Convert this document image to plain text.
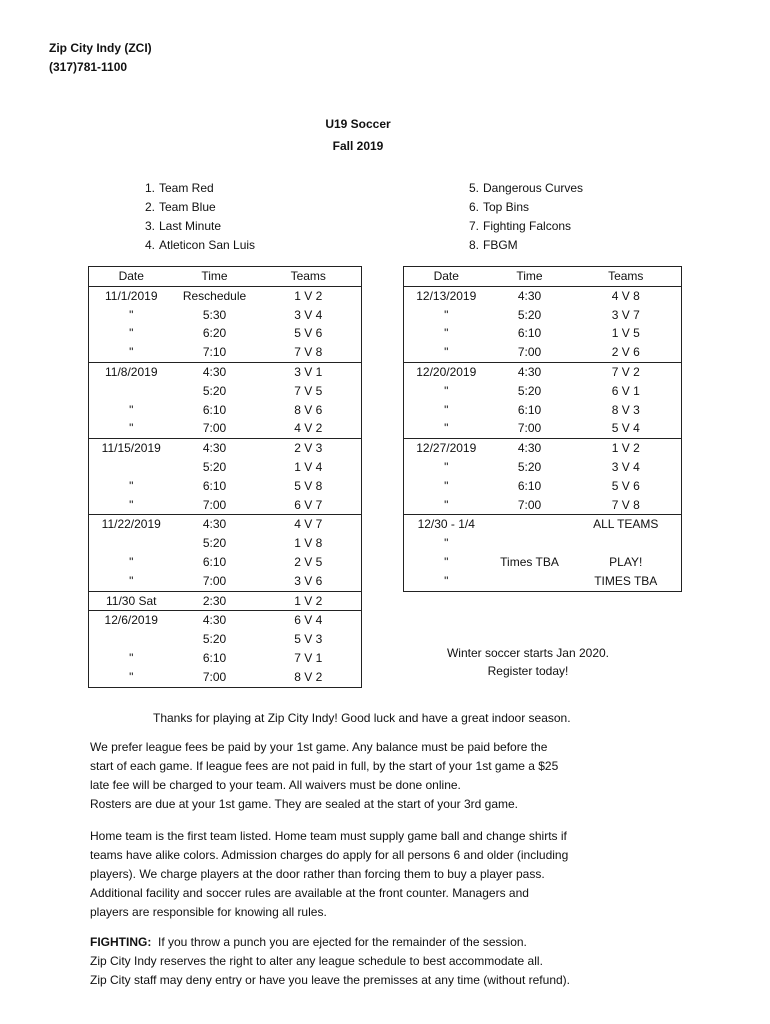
Zip City Indy (ZCI)
(317)781-1100
U19 Soccer
Fall 2019
1. Team Red
2. Team Blue
3. Last Minute
4. Atleticon San Luis
5. Dangerous Curves
6. Top Bins
7. Fighting Falcons
8. FBGM
Date	Time	Teams
11/1/2019	Reschedule	1 V 2
"	5:30	3 V 4
"	6:20	5 V 6
"	7:10	7 V 8
11/8/2019	4:30	3 V 1
	5:20	7 V 5
"	6:10	8 V 6
"	7:00	4 V 2
11/15/2019	4:30	2 V 3
	5:20	1 V 4
"	6:10	5 V 8
"	7:00	6 V 7
11/22/2019	4:30	4 V 7
	5:20	1 V 8
"	6:10	2 V 5
"	7:00	3 V 6
11/30 Sat	2:30	1 V 2
12/6/2019	4:30	6 V 4
	5:20	5 V 3
"	6:10	7 V 1
"	7:00	8 V 2
Date	Time	Teams
12/13/2019	4:30	4 V 8
"	5:20	3 V 7
"	6:10	1 V 5
"	7:00	2 V 6
12/20/2019	4:30	7 V 2
"	5:20	6 V 1
"	6:10	8 V 3
"	7:00	5 V 4
12/27/2019	4:30	1 V 2
"	5:20	3 V 4
"	6:10	5 V 6
"	7:00	7 V 8
12/30 - 1/4		ALL TEAMS
"		
"	Times TBA	PLAY!
"		TIMES TBA
Winter soccer starts Jan 2020.
Register today!
Thanks for playing at Zip City Indy! Good luck and have a great indoor season.
We prefer league fees be paid by your 1st game. Any balance must be paid before the
start of each game. If league fees are not paid in full, by the start of your 1st game a $25
late fee will be charged to your team. All waivers must be done online.
Rosters are due at your 1st game. They are sealed at the start of your 3rd game.
Home team is the first team listed. Home team must supply game ball and change shirts if
teams have alike colors. Admission charges do apply for all persons 6 and older (including
players). We charge players at the door rather than forcing them to buy a player pass.
Additional facility and soccer rules are available at the front counter. Managers and
players are responsible for knowing all rules.
FIGHTING:  If you throw a punch you are ejected for the remainder of the session.
Zip City Indy reserves the right to alter any league schedule to best accommodate all.
Zip City staff may deny entry or have you leave the premisses at any time (without refund).
